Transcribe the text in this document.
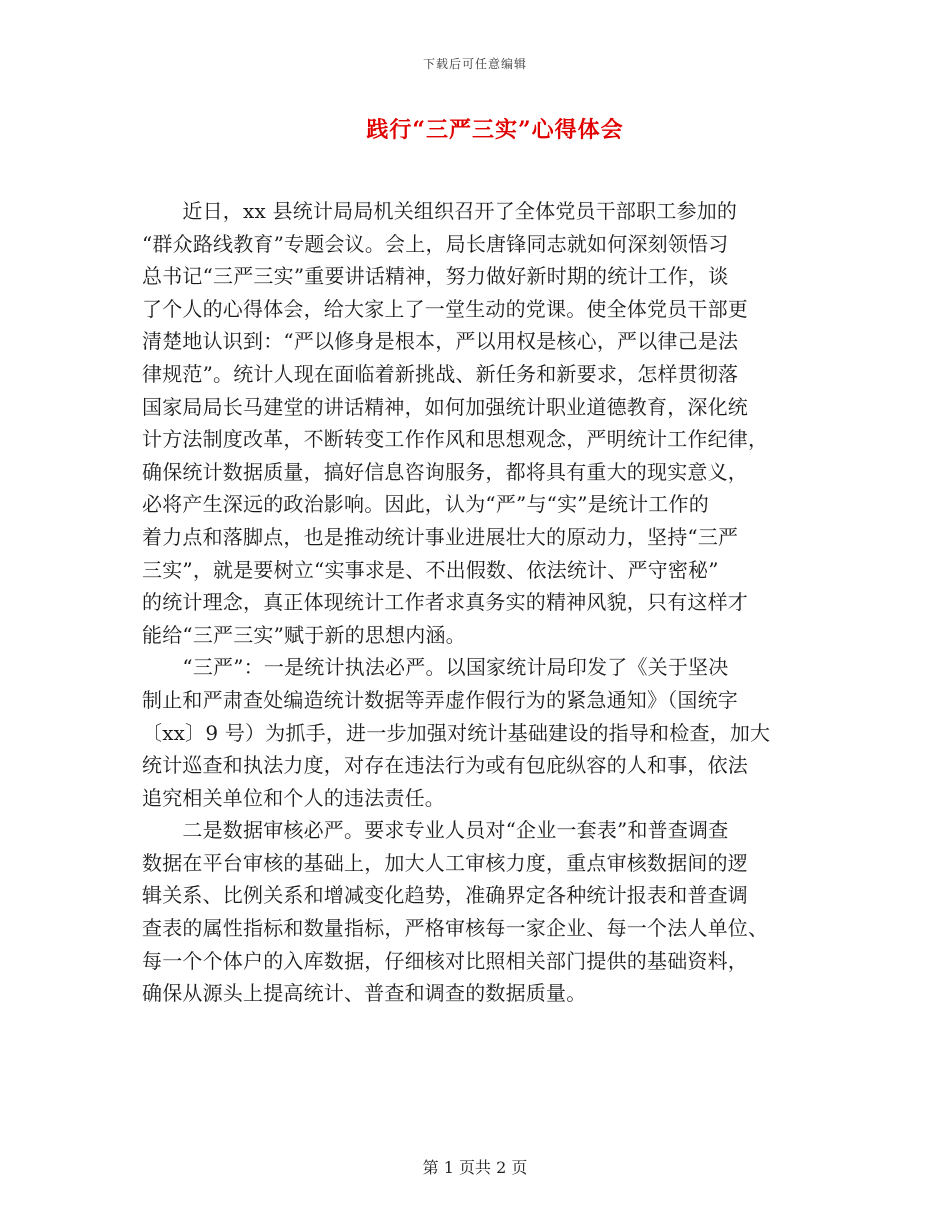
下载后可任意编辑
践行“三严三实”心得体会
　　近日，xx 县统计局局机关组织召开了全体党员干部职工参加的
“群众路线教育”专题会议。会上，局长唐锋同志就如何深刻领悟习
总书记“三严三实”重要讲话精神，努力做好新时期的统计工作，谈
了个人的心得体会，给大家上了一堂生动的党课。使全体党员干部更
清楚地认识到：“严以修身是根本，严以用权是核心，严以律己是法
律规范”。统计人现在面临着新挑战、新任务和新要求，怎样贯彻落
国家局局长马建堂的讲话精神，如何加强统计职业道德教育，深化统
计方法制度改革，不断转变工作作风和思想观念，严明统计工作纪律，
确保统计数据质量，搞好信息咨询服务，都将具有重大的现实意义，
必将产生深远的政治影响。因此，认为“严”与“实”是统计工作的
着力点和落脚点，也是推动统计事业进展壮大的原动力，坚持“三严
三实”，就是要树立“实事求是、不出假数、依法统计、严守密秘”
的统计理念，真正体现统计工作者求真务实的精神风貌，只有这样才
能给“三严三实”赋于新的思想内涵。
　　“三严”：一是统计执法必严。以国家统计局印发了《关于坚决
制止和严肃查处编造统计数据等弄虚作假行为的紧急通知》（国统字
〔xx〕9 号）为抓手，进一步加强对统计基础建设的指导和检查，加大
统计巡查和执法力度，对存在违法行为或有包庇纵容的人和事，依法
追究相关单位和个人的违法责任。
　　二是数据审核必严。要求专业人员对“企业一套表”和普查调查
数据在平台审核的基础上，加大人工审核力度，重点审核数据间的逻
辑关系、比例关系和增减变化趋势，准确界定各种统计报表和普查调
查表的属性指标和数量指标，严格审核每一家企业、每一个法人单位、
每一个个体户的入库数据，仔细核对比照相关部门提供的基础资料，
确保从源头上提高统计、普查和调查的数据质量。
第 1 页共 2 页
